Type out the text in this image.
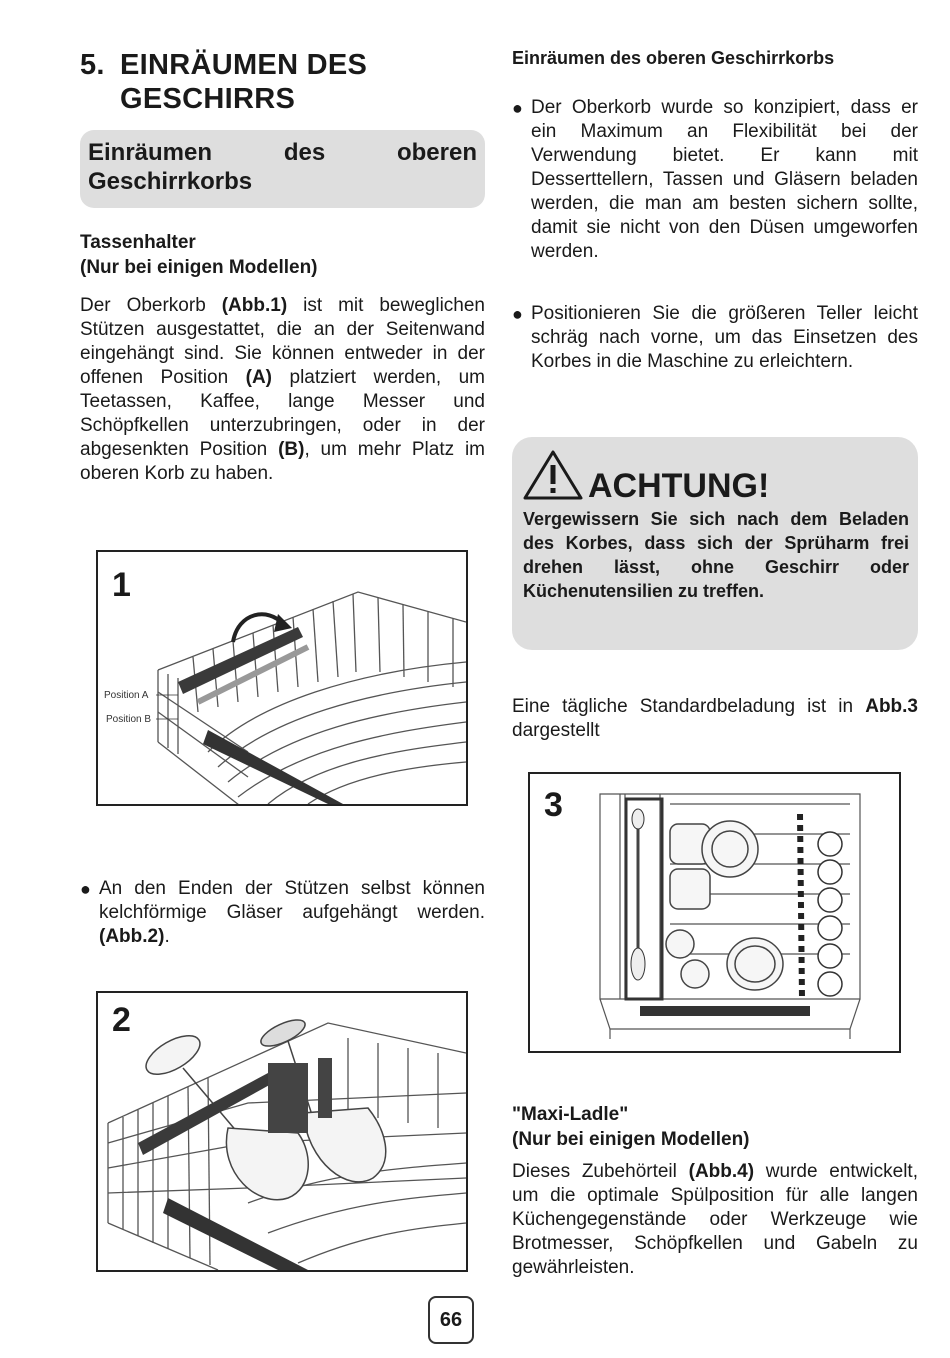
5. EINRÄUMEN DES
GESCHIRRS
Einräumen des oberen Geschirrkorbs
Tassenhalter
(Nur bei einigen Modellen)
Der Oberkorb (Abb.1) ist mit beweglichen Stützen ausgestattet, die an der Seitenwand eingehängt sind. Sie können entweder in der offenen Position (A) platziert werden, um Teetassen, Kaffee, lange Messer und Schöpfkellen unterzubringen, oder in der abgesenkten Position (B), um mehr Platz im oberen Korb zu haben.
1
Position A
Position B
● An den Enden der Stützen selbst können kelchförmige Gläser aufgehängt werden. (Abb.2).
2
Einräumen des oberen Geschirrkorbs
● Der Oberkorb wurde so konzipiert, dass er ein Maximum an Flexibilität bei der Verwendung bietet. Er kann mit Desserttellern, Tassen und Gläsern beladen werden, die man am besten sichern sollte, damit sie nicht von den Düsen umgeworfen werden.
● Positionieren Sie die größeren Teller leicht schräg nach vorne, um das Einsetzen des Korbes in die Maschine zu erleichtern.
ACHTUNG!
Vergewissern Sie sich nach dem Beladen des Korbes, dass sich der Sprüharm frei drehen lässt, ohne Geschirr oder Küchenutensilien zu treffen.
Eine tägliche Standardbeladung ist in Abb.3 dargestellt
3
"Maxi-Ladle"
(Nur bei einigen Modellen)
Dieses Zubehörteil (Abb.4) wurde entwickelt, um die optimale Spülposition für alle langen Küchengegenstände oder Werkzeuge wie Brotmesser, Schöpfkellen und Gabeln zu gewährleisten.
66
